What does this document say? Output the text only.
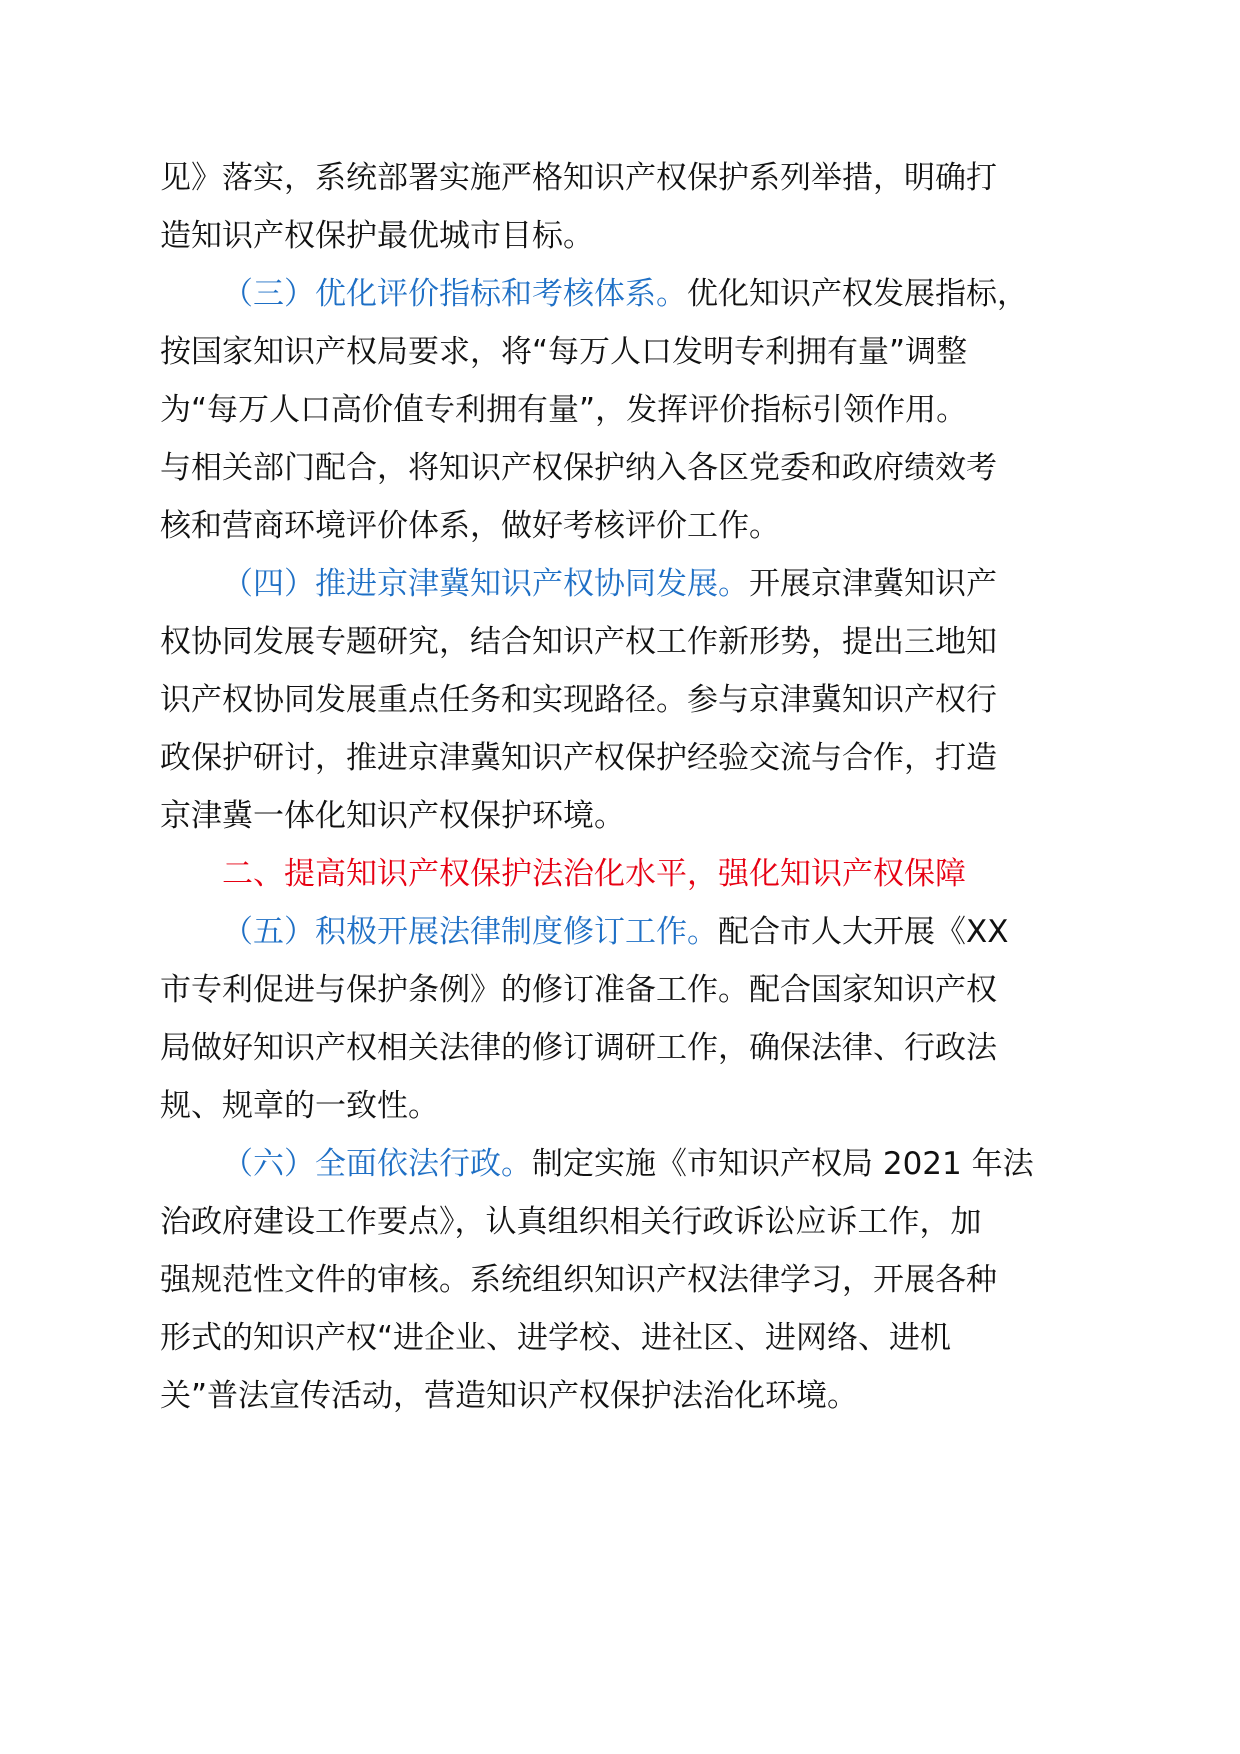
见》落实，系统部署实施严格知识产权保护系列举措，明确打
造知识产权保护最优城市目标。
（三）优化评价指标和考核体系。优化知识产权发展指标，
按国家知识产权局要求，将“每万人口发明专利拥有量”调整
为“每万人口高价值专利拥有量”，发挥评价指标引领作用。
与相关部门配合，将知识产权保护纳入各区党委和政府绩效考
核和营商环境评价体系，做好考核评价工作。
（四）推进京津冀知识产权协同发展。开展京津冀知识产
权协同发展专题研究，结合知识产权工作新形势，提出三地知
识产权协同发展重点任务和实现路径。参与京津冀知识产权行
政保护研讨，推进京津冀知识产权保护经验交流与合作，打造
京津冀一体化知识产权保护环境。
二、提高知识产权保护法治化水平，强化知识产权保障
（五）积极开展法律制度修订工作。配合市人大开展《XX
市专利促进与保护条例》的修订准备工作。配合国家知识产权
局做好知识产权相关法律的修订调研工作，确保法律、行政法
规、规章的一致性。
（六）全面依法行政。制定实施《市知识产权局 2021 年法
治政府建设工作要点》，认真组织相关行政诉讼应诉工作，加
强规范性文件的审核。系统组织知识产权法律学习，开展各种
形式的知识产权“进企业、进学校、进社区、进网络、进机
关”普法宣传活动，营造知识产权保护法治化环境。
